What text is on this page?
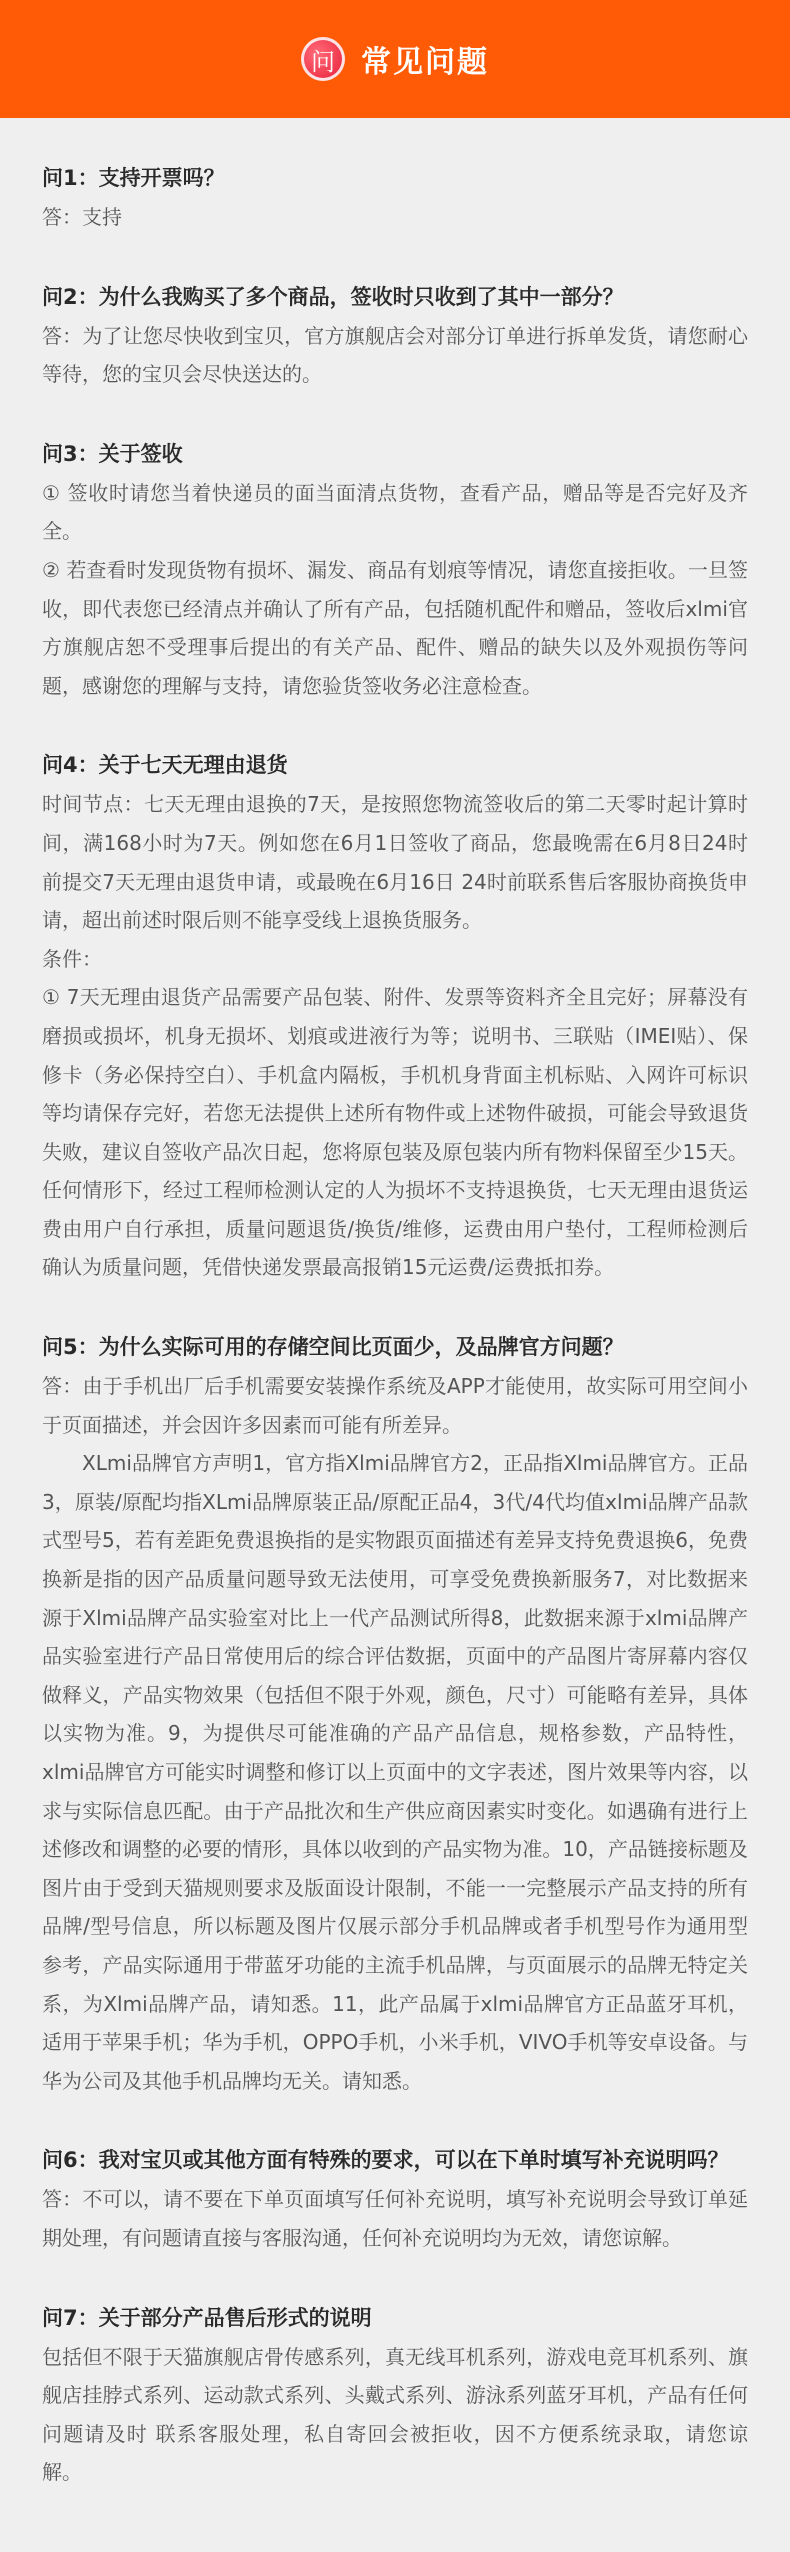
问 常见问题

问1：支持开票吗？

答：支持

问2：为什么我购买了多个商品，签收时只收到了其中一部分？

答：为了让您尽快收到宝贝，官方旗舰店会对部分订单进行拆单发货，请您耐心等待，您的宝贝会尽快送达的。

问3：关于签收

① 签收时请您当着快递员的面当面清点货物，查看产品，赠品等是否完好及齐全。

② 若查看时发现货物有损坏、漏发、商品有划痕等情况，请您直接拒收。一旦签收，即代表您已经清点并确认了所有产品，包括随机配件和赠品，签收后xlmi官方旗舰店恕不受理事后提出的有关产品、配件、赠品的缺失以及外观损伤等问题，感谢您的理解与支持，请您验货签收务必注意检查。

问4：关于七天无理由退货

时间节点：七天无理由退换的7天，是按照您物流签收后的第二天零时起计算时间，满168小时为7天。例如您在6月1日签收了商品，您最晚需在6月8日24时前提交7天无理由退货申请，或最晚在6月16日 24时前联系售后客服协商换货申请，超出前述时限后则不能享受线上退换货服务。

条件：

① 7天无理由退货产品需要产品包装、附件、发票等资料齐全且完好；屏幕没有磨损或损坏，机身无损坏、划痕或进液行为等；说明书、三联贴（IMEI贴）、保修卡（务必保持空白）、手机盒内隔板，手机机身背面主机标贴、入网许可标识等均请保存完好，若您无法提供上述所有物件或上述物件破损，可能会导致退货失败，建议自签收产品次日起，您将原包装及原包装内所有物料保留至少15天。任何情形下，经过工程师检测认定的人为损坏不支持退换货，七天无理由退货运费由用户自行承担，质量问题退货/换货/维修，运费由用户垫付，工程师检测后确认为质量问题，凭借快递发票最高报销15元运费/运费抵扣券。

问5：为什么实际可用的存储空间比页面少，及品牌官方问题？

答：由于手机出厂后手机需要安装操作系统及APP才能使用，故实际可用空间小于页面描述，并会因许多因素而可能有所差异。

XLmi品牌官方声明1，官方指Xlmi品牌官方2，正品指Xlmi品牌官方。正品3，原装/原配均指XLmi品牌原装正品/原配正品4，3代/4代均值xlmi品牌产品款式型号5，若有差距免费退换指的是实物跟页面描述有差异支持免费退换6，免费换新是指的因产品质量问题导致无法使用，可享受免费换新服务7，对比数据来源于Xlmi品牌产品实验室对比上一代产品测试所得8，此数据来源于xlmi品牌产品实验室进行产品日常使用后的综合评估数据，页面中的产品图片寄屏幕内容仅做释义，产品实物效果（包括但不限于外观，颜色，尺寸）可能略有差异，具体以实物为准。9，为提供尽可能准确的产品产品信息，规格参数，产品特性，xlmi品牌官方可能实时调整和修订以上页面中的文字表述，图片效果等内容，以求与实际信息匹配。由于产品批次和生产供应商因素实时变化。如遇确有进行上述修改和调整的必要的情形，具体以收到的产品实物为准。10，产品链接标题及图片由于受到天猫规则要求及版面设计限制，不能一一完整展示产品支持的所有品牌/型号信息，所以标题及图片仅展示部分手机品牌或者手机型号作为通用型参考，产品实际通用于带蓝牙功能的主流手机品牌，与页面展示的品牌无特定关系，为Xlmi品牌产品，请知悉。11，此产品属于xlmi品牌官方正品蓝牙耳机，适用于苹果手机；华为手机，OPPO手机，小米手机，VIVO手机等安卓设备。与华为公司及其他手机品牌均无关。请知悉。

问6：我对宝贝或其他方面有特殊的要求，可以在下单时填写补充说明吗？

答：不可以，请不要在下单页面填写任何补充说明，填写补充说明会导致订单延期处理，有问题请直接与客服沟通，任何补充说明均为无效，请您谅解。

问7：关于部分产品售后形式的说明

包括但不限于天猫旗舰店骨传感系列，真无线耳机系列，游戏电竞耳机系列、旗舰店挂脖式系列、运动款式系列、头戴式系列、游泳系列蓝牙耳机，产品有任何问题请及时 联系客服处理，私自寄回会被拒收，因不方便系统录取，请您谅解。
